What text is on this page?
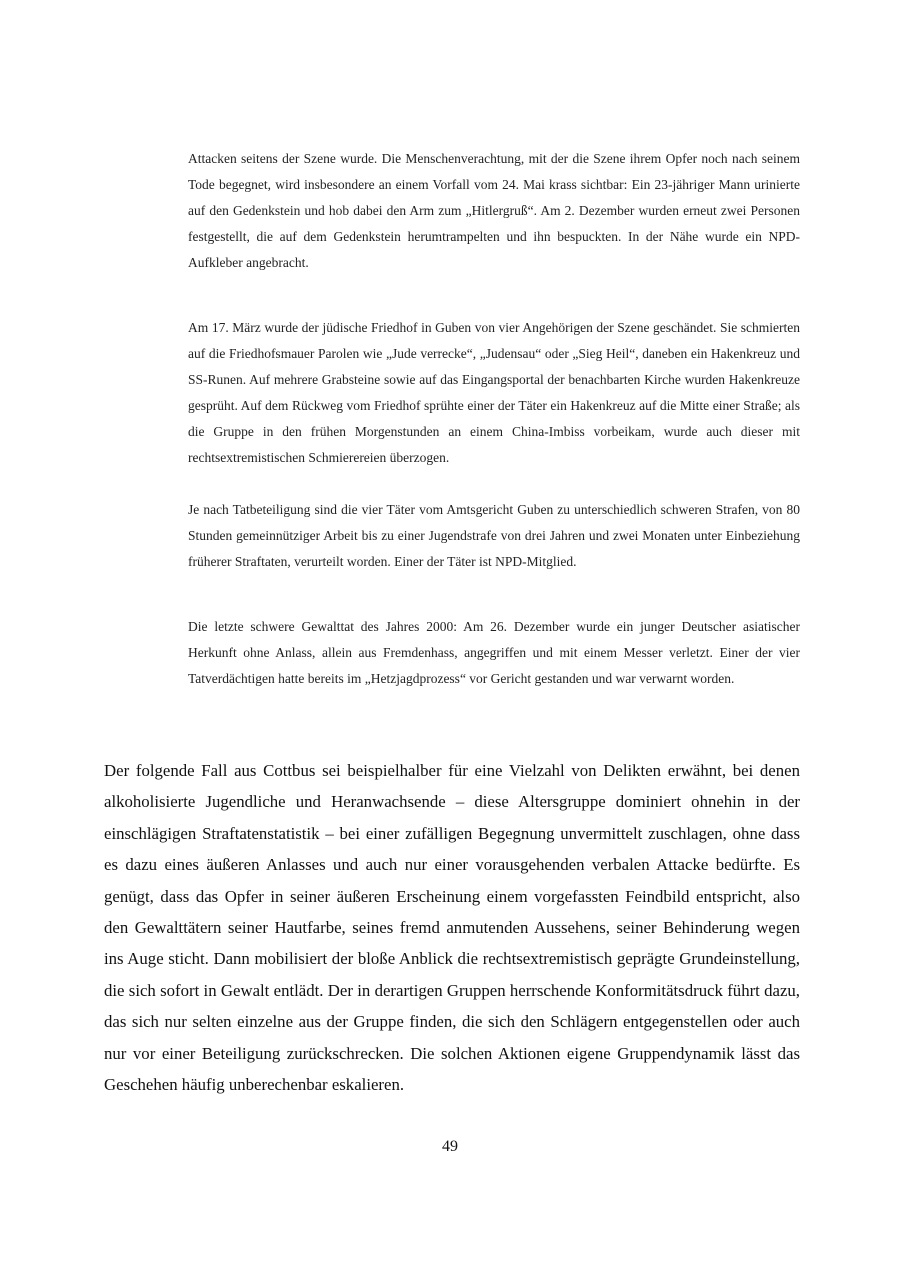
Attacken seitens der Szene wurde. Die Menschenverachtung, mit der die Szene ihrem Opfer noch nach seinem Tode begegnet, wird insbesondere an einem Vorfall vom 24. Mai krass sichtbar: Ein 23-jähriger Mann urinierte auf den Gedenkstein und hob dabei den Arm zum „Hitlergruß“. Am 2. Dezember wurden erneut zwei Personen festgestellt, die auf dem Gedenkstein herumtrampelten und ihn bespuckten. In der Nähe wurde ein NPD-Aufkleber angebracht.

Am 17. März wurde der jüdische Friedhof in Guben von vier Angehörigen der Szene geschändet. Sie schmierten auf die Friedhofsmauer Parolen wie „Jude verrecke“, „Judensau“ oder „Sieg Heil“, daneben ein Hakenkreuz und SS-Runen. Auf mehrere Grabsteine sowie auf das Eingangsportal der benachbarten Kirche wurden Hakenkreuze gesprüht. Auf dem Rückweg vom Friedhof sprühte einer der Täter ein Hakenkreuz auf die Mitte einer Straße; als die Gruppe in den frühen Morgenstunden an einem China-Imbiss vorbeikam, wurde auch dieser mit rechtsextremistischen Schmierereien überzogen.

Je nach Tatbeteiligung sind die vier Täter vom Amtsgericht Guben zu unterschiedlich schweren Strafen, von 80 Stunden gemeinnütziger Arbeit bis zu einer Jugendstrafe von drei Jahren und zwei Monaten unter Einbeziehung früherer Straftaten, verurteilt worden. Einer der Täter ist NPD-Mitglied.

Die letzte schwere Gewalttat des Jahres 2000: Am 26. Dezember wurde ein junger Deutscher asiatischer Herkunft ohne Anlass, allein aus Fremdenhass, angegriffen und mit einem Messer verletzt. Einer der vier Tatverdächtigen hatte bereits im „Hetzjagdprozess“ vor Gericht gestanden und war verwarnt worden.

Der folgende Fall aus Cottbus sei beispielhalber für eine Vielzahl von Delikten erwähnt, bei denen alkoholisierte Jugendliche und Heranwachsende – diese Altersgruppe dominiert ohnehin in der einschlägigen Straftatenstatistik – bei einer zufälligen Begegnung unvermittelt zuschlagen, ohne dass es dazu eines äußeren Anlasses und auch nur einer vorausgehenden verbalen Attacke bedürfte. Es genügt, dass das Opfer in seiner äußeren Erscheinung einem vorgefassten Feindbild entspricht, also den Gewalttätern seiner Hautfarbe, seines fremd anmutenden Aussehens, seiner Behinderung wegen ins Auge sticht. Dann mobilisiert der bloße Anblick die rechtsextremistisch geprägte Grundeinstellung, die sich sofort in Gewalt entlädt. Der in derartigen Gruppen herrschende Konformitätsdruck führt dazu, das sich nur selten einzelne aus der Gruppe finden, die sich den Schlägern entgegenstellen oder auch nur vor einer Beteiligung zurückschrecken. Die solchen Aktionen eigene Gruppendynamik lässt das Geschehen häufig unberechenbar eskalieren.

49
